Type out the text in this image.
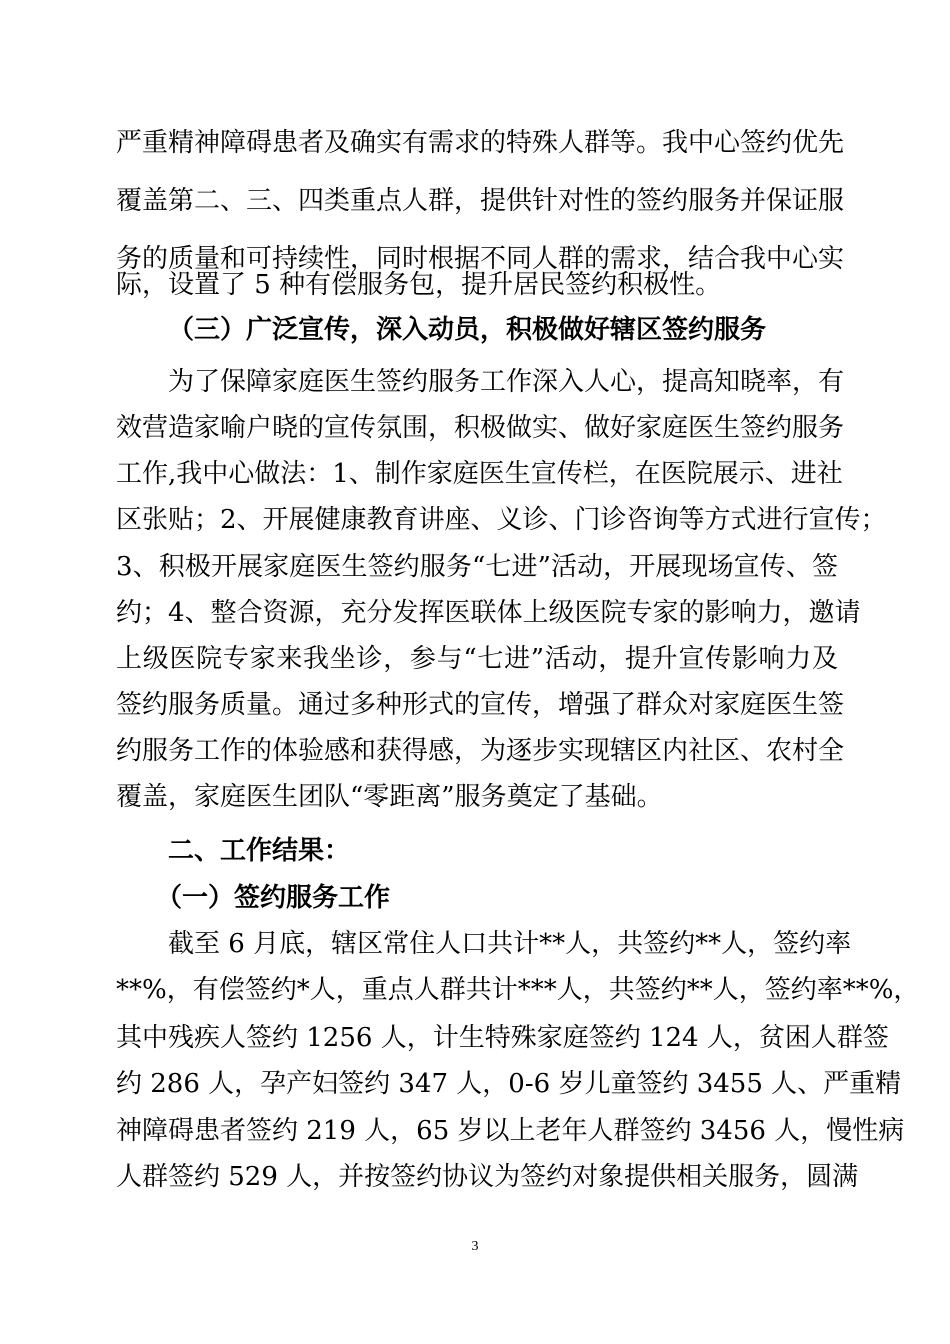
严重精神障碍患者及确实有需求的特殊人群等。我中心签约优先
覆盖第二、三、四类重点人群，提供针对性的签约服务并保证服
务的质量和可持续性，同时根据不同人群的需求，结合我中心实
际，设置了 5 种有偿服务包，提升居民签约积极性。
（三）广泛宣传，深入动员，积极做好辖区签约服务
为了保障家庭医生签约服务工作深入人心，提高知晓率，有
效营造家喻户晓的宣传氛围，积极做实、做好家庭医生签约服务
工作,我中心做法：1、制作家庭医生宣传栏，在医院展示、进社
区张贴；2、开展健康教育讲座、义诊、门诊咨询等方式进行宣传；
3、积极开展家庭医生签约服务“七进”活动，开展现场宣传、签
约；4、整合资源，充分发挥医联体上级医院专家的影响力，邀请
上级医院专家来我坐诊，参与“七进”活动，提升宣传影响力及
签约服务质量。通过多种形式的宣传，增强了群众对家庭医生签
约服务工作的体验感和获得感，为逐步实现辖区内社区、农村全
覆盖，家庭医生团队“零距离”服务奠定了基础。
二、工作结果：
（一）签约服务工作
截至 6 月底，辖区常住人口共计**人，共签约**人，签约率
**%，有偿签约*人，重点人群共计***人，共签约**人，签约率**%，
其中残疾人签约 1256 人，计生特殊家庭签约 124 人，贫困人群签
约 286 人，孕产妇签约 347 人，0-6 岁儿童签约 3455 人、严重精
神障碍患者签约 219 人，65 岁以上老年人群签约 3456 人，慢性病
人群签约 529 人，并按签约协议为签约对象提供相关服务，圆满
3
